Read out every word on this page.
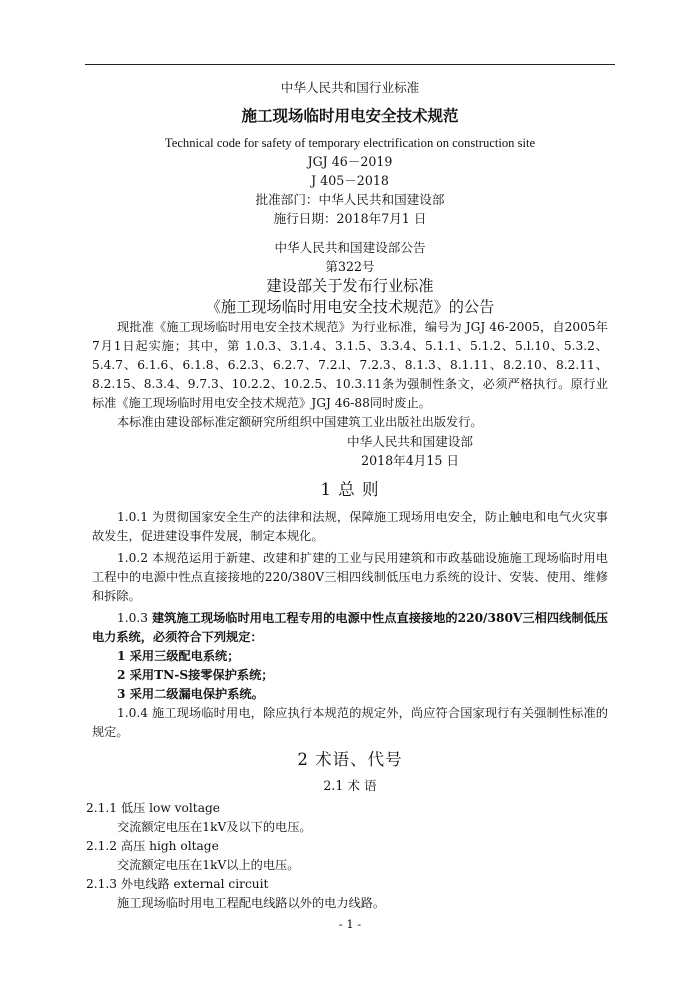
中华人民共和国行业标准
施工现场临时用电安全技术规范
Technical code for safety of temporary electrification on construction site
JGJ 46－2019
J 405－2018
批准部门：中华人民共和国建设部
施行日期：2018年7月1 日
中华人民共和国建设部公告
第322号
建设部关于发布行业标准
《施工现场临时用电安全技术规范》的公告

现批准《施工现场临时用电安全技术规范》为行业标准，编号为 JGJ 46-2005，自2005年7月1日起实施；其中，第 1.0.3、3.1.4、3.1.5、3.3.4、5.1.1、5.1.2、5.l.10、5.3.2、5.4.7、6.1.6、6.1.8、6.2.3、6.2.7、7.2.l、7.2.3、8.1.3、8.1.11、8.2.10、8.2.11、8.2.15、8.3.4、9.7.3、10.2.2、10.2.5、10.3.11条为强制性条文，必须严格执行。原行业标准《施工现场临时用电安全技术规范》JGJ 46-88同时废止。

本标准由建设部标准定额研究所组织中国建筑工业出版社出版发行。

中华人民共和国建设部
2018年4月15 日
1 总 则

1.0.1 为贯彻国家安全生产的法律和法规，保障施工现场用电安全，防止触电和电气火灾事故发生，促进建设事件发展，制定本规化。

1.0.2 本规范运用于新建、改建和扩建的工业与民用建筑和市政基础设施施工现场临时用电工程中的电源中性点直接接地的220/380V三相四线制低压电力系统的设计、安装、使用、维修和拆除。

1.0.3 建筑施工现场临时用电工程专用的电源中性点直接接地的220/380V三相四线制低压电力系统，必须符合下列规定：

1 采用三级配电系统；
2 采用TN-S接零保护系统；
3 采用二级漏电保护系统。

1.0.4 施工现场临时用电，除应执行本规范的规定外，尚应符合国家现行有关强制性标准的规定。

2 术语、代号
2.1 术 语
2.1.1 低压 low voltage
交流额定电压在1kV及以下的电压。
2.1.2 高压 high oltage
交流额定电压在1kV以上的电压。
2.1.3 外电线路 external circuit
施工现场临时用电工程配电线路以外的电力线路。
- 1 -
